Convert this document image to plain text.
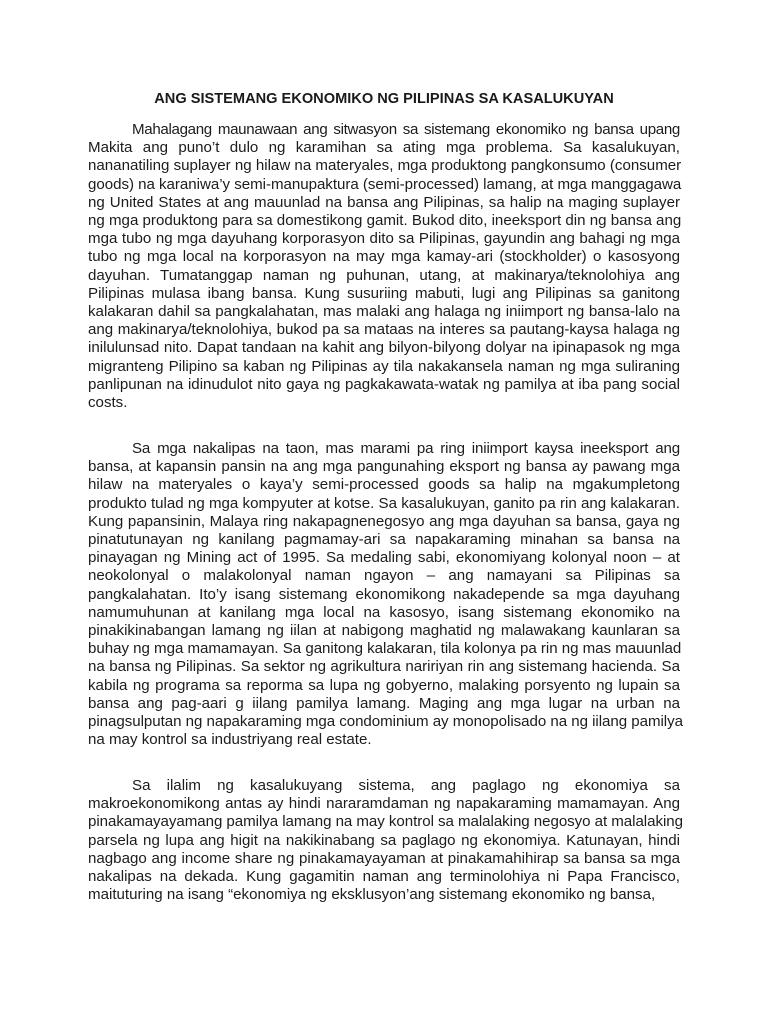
ANG SISTEMANG EKONOMIKO NG PILIPINAS SA KASALUKUYAN
Mahalagang maunawaan ang sitwasyon sa sistemang ekonomiko ng bansa upang
Makita ang puno’t dulo ng karamihan sa ating mga problema. Sa kasalukuyan,
nananatiling suplayer ng hilaw na materyales, mga produktong pangkonsumo (consumer
goods) na karaniwa’y semi-manupaktura (semi-processed) lamang, at mga manggagawa
ng United States at ang mauunlad na bansa ang Pilipinas, sa halip na maging suplayer
ng mga produktong para sa domestikong gamit. Bukod dito, ineeksport din ng bansa ang
mga tubo ng mga dayuhang korporasyon dito sa Pilipinas, gayundin ang bahagi ng mga
tubo ng mga local na korporasyon na may mga kamay-ari (stockholder) o kasosyong
dayuhan. Tumatanggap naman ng puhunan, utang, at makinarya/teknolohiya ang
Pilipinas mulasa ibang bansa. Kung susuriing mabuti, lugi ang Pilipinas sa ganitong
kalakaran dahil sa pangkalahatan, mas malaki ang halaga ng iniimport ng bansa-lalo na
ang makinarya/teknolohiya, bukod pa sa mataas na interes sa pautang-kaysa halaga ng
inilulunsad nito. Dapat tandaan na kahit ang bilyon-bilyong dolyar na ipinapasok ng mga
migranteng Pilipino sa kaban ng Pilipinas ay tila nakakansela naman ng mga suliraning
panlipunan na idinudulot nito gaya ng pagkakawata-watak ng pamilya at iba pang social
costs.
Sa mga nakalipas na taon, mas marami pa ring iniimport kaysa ineeksport ang
bansa, at kapansin pansin na ang mga pangunahing eksport ng bansa ay pawang mga
hilaw na materyales o kaya’y semi-processed goods sa halip na mgakumpletong
produkto tulad ng mga kompyuter at kotse. Sa kasalukuyan, ganito pa rin ang kalakaran.
Kung papansinin, Malaya ring nakapagnenegosyo ang mga dayuhan sa bansa, gaya ng
pinatutunayan ng kanilang pagmamay-ari sa napakaraming minahan sa bansa na
pinayagan ng Mining act of 1995. Sa medaling sabi, ekonomiyang kolonyal noon – at
neokolonyal o malakolonyal naman ngayon – ang namayani sa Pilipinas sa
pangkalahatan. Ito’y isang sistemang ekonomikong nakadepende sa mga dayuhang
namumuhunan at kanilang mga local na kasosyo, isang sistemang ekonomiko na
pinakikinabangan lamang ng iilan at nabigong maghatid ng malawakang kaunlaran sa
buhay ng mga mamamayan. Sa ganitong kalakaran, tila kolonya pa rin ng mas mauunlad
na bansa ng Pilipinas. Sa sektor ng agrikultura naririyan rin ang sistemang hacienda. Sa
kabila ng programa sa reporma sa lupa ng gobyerno, malaking porsyento ng lupain sa
bansa ang pag-aari g iilang pamilya lamang. Maging ang mga lugar na urban na
pinagsulputan ng napakaraming mga condominium ay monopolisado na ng iilang pamilya
na may kontrol sa industriyang real estate.
Sa ilalim ng kasalukuyang sistema, ang paglago ng ekonomiya sa
makroekonomikong antas ay hindi nararamdaman ng napakaraming mamamayan. Ang
pinakamayayamang pamilya lamang na may kontrol sa malalaking negosyo at malalaking
parsela ng lupa ang higit na nakikinabang sa paglago ng ekonomiya. Katunayan, hindi
nagbago ang income share ng pinakamayayaman at pinakamahihirap sa bansa sa mga
nakalipas na dekada. Kung gagamitin naman ang terminolohiya ni Papa Francisco,
maituturing na isang “ekonomiya ng eksklusyon’ang sistemang ekonomiko ng bansa,
